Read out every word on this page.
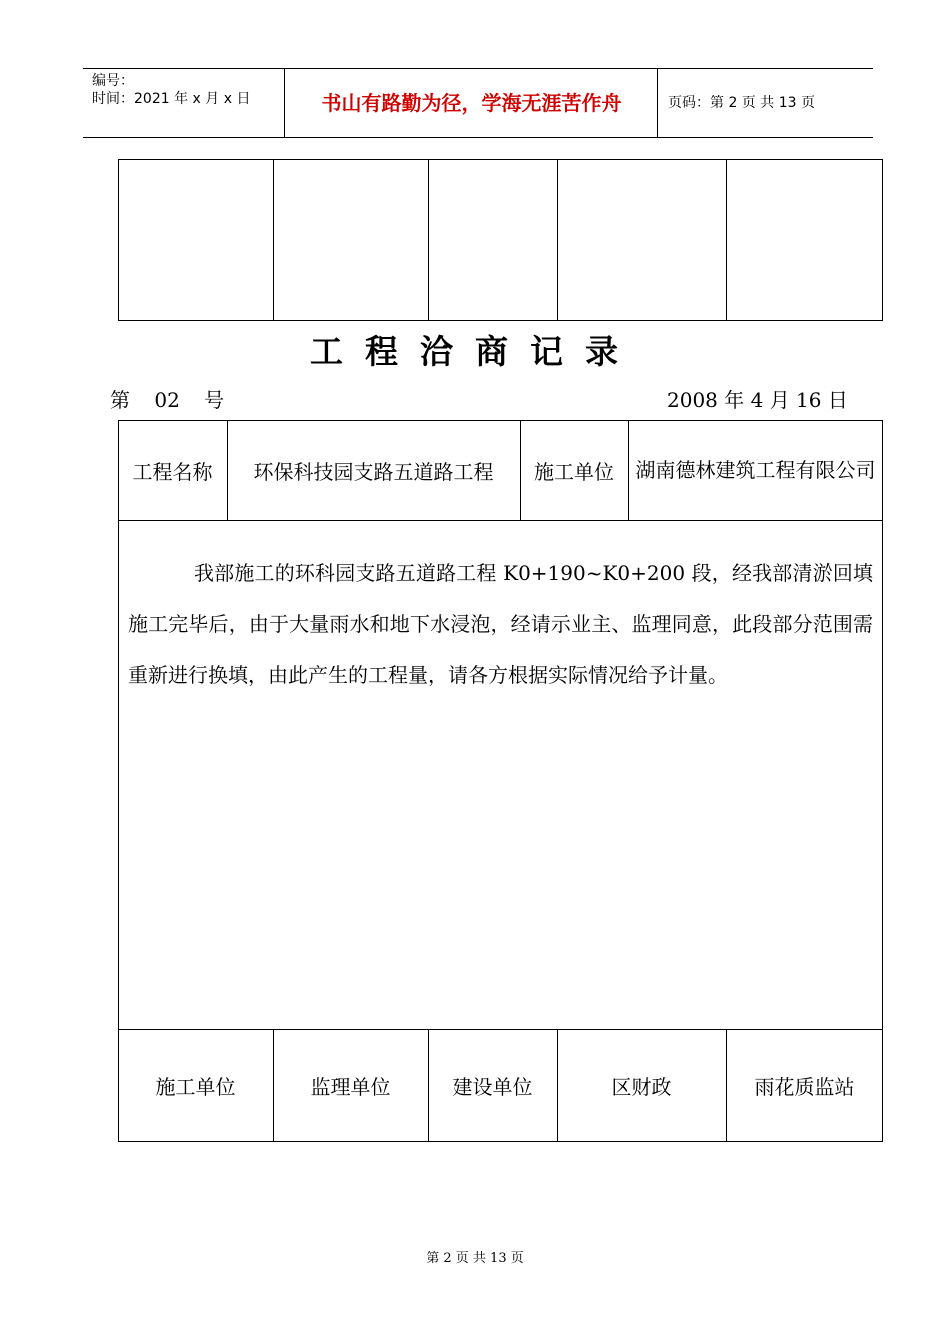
编号：
时间：2021 年 x 月 x 日	书山有路勤为径，学海无涯苦作舟	页码：第 2 页 共 13 页
工程洽商记录
第 02 号	2008 年 4 月 16 日
工程名称	环保科技园支路五道路工程	施工单位	湖南德林建筑工程有限公司
我部施工的环科园支路五道路工程 K0+190~K0+200 段，经我部清淤回填施工完毕后，由于大量雨水和地下水浸泡，经请示业主、监理同意，此段部分范围需重新进行换填，由此产生的工程量，请各方根据实际情况给予计量。
施工单位	监理单位	建设单位	区财政	雨花质监站
第 2 页 共 13 页
